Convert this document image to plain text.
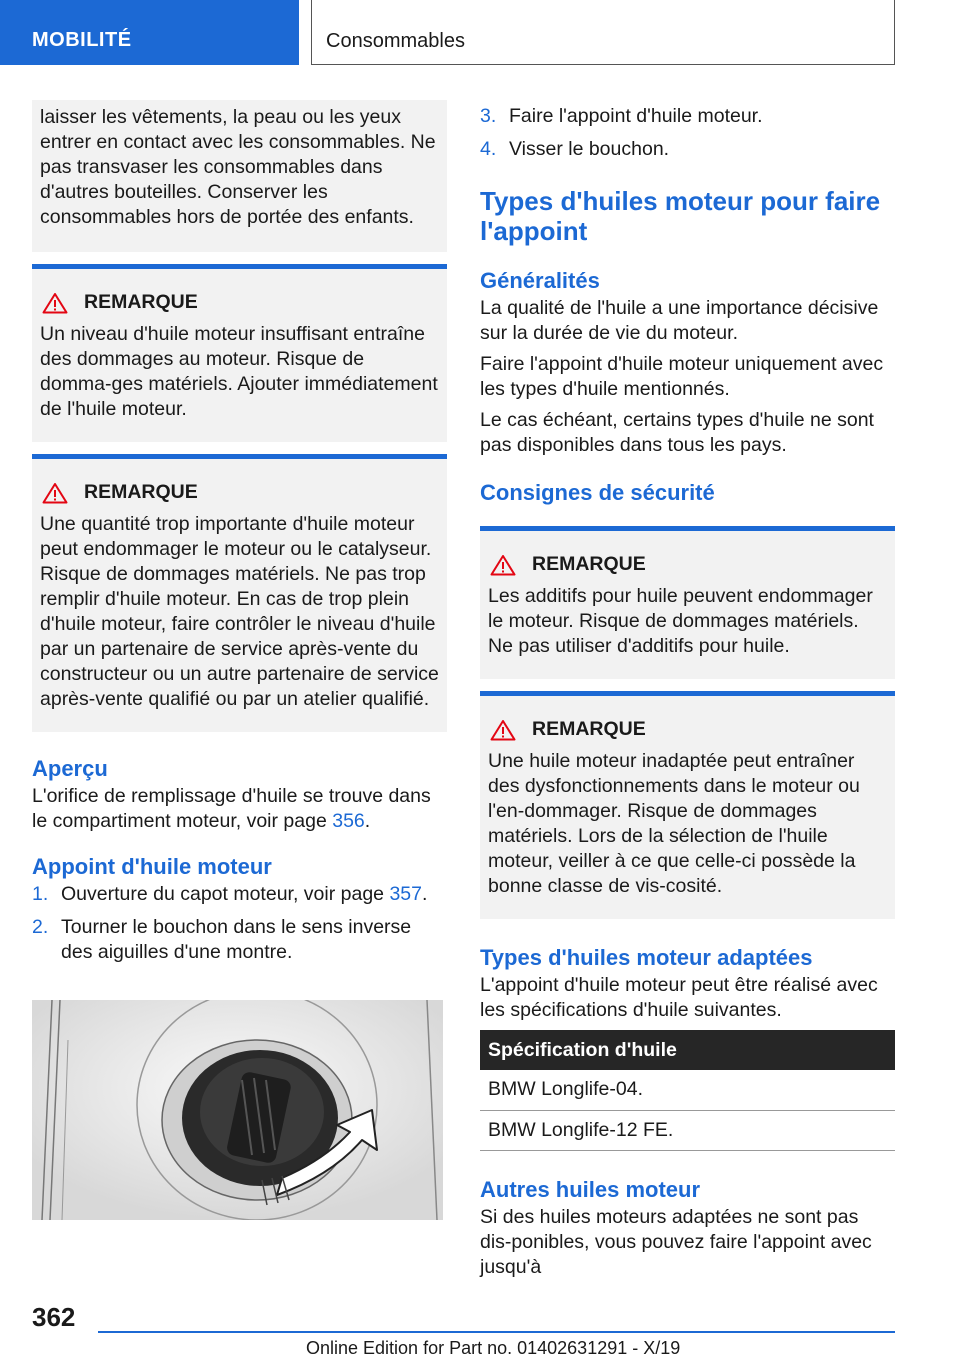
MOBILITÉ	Consommables

laisser les vêtements, la peau ou les yeux entrer en contact avec les consommables. Ne pas transvaser les consommables dans d'autres bouteilles. Conserver les consommables hors de portée des enfants.

REMARQUE

Un niveau d'huile moteur insuffisant entraîne des dommages au moteur. Risque de domma‐ges matériels. Ajouter immédiatement de l'huile moteur.

REMARQUE

Une quantité trop importante d'huile moteur peut endommager le moteur ou le catalyseur. Risque de dommages matériels. Ne pas trop remplir d'huile moteur. En cas de trop plein d'huile moteur, faire contrôler le niveau d'huile par un partenaire de service après-vente du constructeur ou un autre partenaire de service après-vente qualifié ou par un atelier qualifié.

Aperçu

L'orifice de remplissage d'huile se trouve dans le compartiment moteur, voir page 356.

Appoint d'huile moteur
1. Ouverture du capot moteur, voir page 357.
2. Tourner le bouchon dans le sens inverse des aiguilles d'une montre.
3. Faire l'appoint d'huile moteur.
4. Visser le bouchon.
Types d'huiles moteur pour faire l'appoint
Généralités

La qualité de l'huile a une importance décisive sur la durée de vie du moteur.

Faire l'appoint d'huile moteur uniquement avec les types d'huile mentionnés.

Le cas échéant, certains types d'huile ne sont pas disponibles dans tous les pays.

Consignes de sécurité
REMARQUE

Les additifs pour huile peuvent endommager le moteur. Risque de dommages matériels. Ne pas utiliser d'additifs pour huile.

REMARQUE

Une huile moteur inadaptée peut entraîner des dysfonctionnements dans le moteur ou l'en‐dommager. Risque de dommages matériels. Lors de la sélection de l'huile moteur, veiller à ce que celle-ci possède la bonne classe de vis‐cosité.

Types d'huiles moteur adaptées

L'appoint d'huile moteur peut être réalisé avec les spécifications d'huile suivantes.

Spécification d'huile
BMW Longlife-04.
BMW Longlife-12 FE.
Autres huiles moteur

Si des huiles moteurs adaptées ne sont pas dis‐ponibles, vous pouvez faire l'appoint avec jusqu'à

362
Online Edition for Part no. 01402631291 - X/19
